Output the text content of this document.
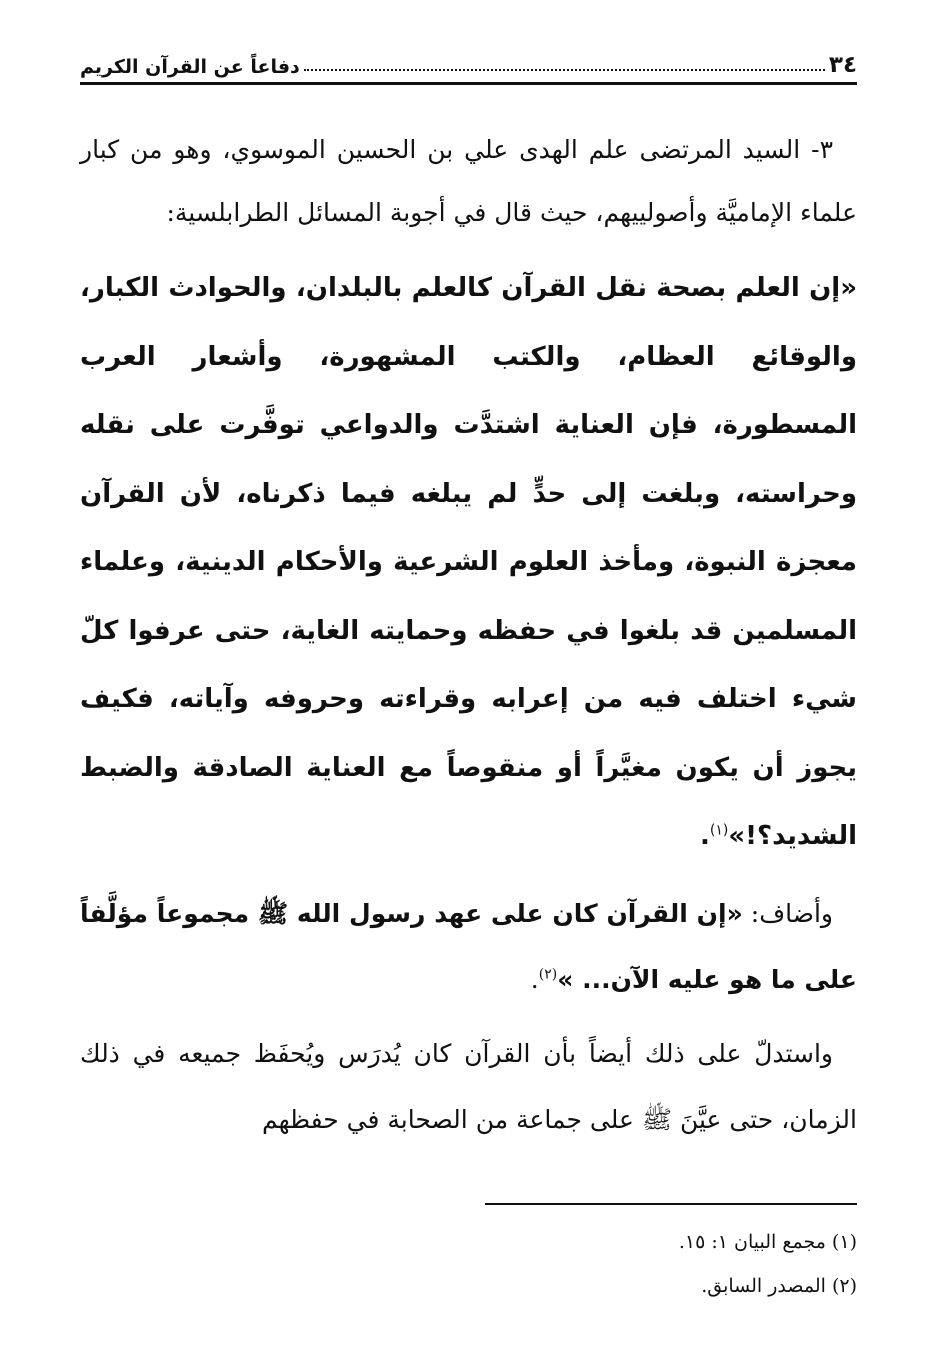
٣٤
دفاعاً عن القرآن الكريم

٣- السيد المرتضى علم الهدى علي بن الحسين الموسوي، وهو من كبار علماء الإماميَّة وأصولييهم، حيث قال في أجوبة المسائل الطرابلسية:

«إن العلم بصحة نقل القرآن كالعلم بالبلدان، والحوادث الكبار، والوقائع العظام، والكتب المشهورة، وأشعار العرب المسطورة، فإن العناية اشتدَّت والدواعي توفَّرت على نقله وحراسته، وبلغت إلى حدٍّ لم يبلغه فيما ذكرناه، لأن القرآن معجزة النبوة، ومأخذ العلوم الشرعية والأحكام الدينية، وعلماء المسلمين قد بلغوا في حفظه وحمايته الغاية، حتى عرفوا كلّ شيء اختلف فيه من إعرابه وقراءته وحروفه وآياته، فكيف يجوز أن يكون مغيَّراً أو منقوصاً مع العناية الصادقة والضبط الشديد؟!»$^{(١)}$.

وأضاف: «إن القرآن كان على عهد رسول الله ﷺ مجموعاً مؤلَّفاً على ما هو عليه الآن... »$^{(٢)}$.

واستدلّ على ذلك أيضاً بأن القرآن كان يُدرَس ويُحفَظ جميعه في ذلك الزمان، حتى عيَّنَ ﷺ على جماعة من الصحابة في حفظهم

(١) مجمع البيان ١: ١٥.

(٢) المصدر السابق.
